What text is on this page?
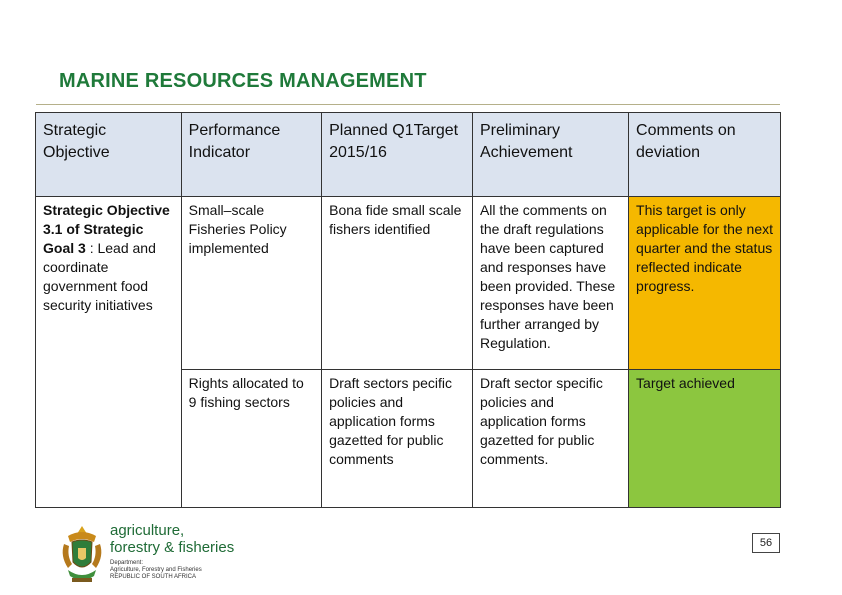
MARINE RESOURCES MANAGEMENT
Strategic Objective	Performance Indicator	Planned Q1Target 2015/16	Preliminary Achievement	Comments on deviation
Strategic Objective 3.1 of Strategic Goal 3 : Lead and coordinate government food security initiatives	Small–scale Fisheries Policy implemented	Bona fide small scale fishers identified	All the comments on the draft regulations have been captured and responses have been provided. These responses have been further arranged by Regulation.	This target is only applicable for the next quarter and the status reflected indicate progress.
	Rights allocated to 9 fishing sectors	Draft sectors pecific policies and application forms gazetted for public comments	Draft sector specific policies and application forms gazetted for public comments.	Target achieved
agriculture,
forestry & fisheries
Department:
Agriculture, Forestry and Fisheries
REPUBLIC OF SOUTH AFRICA
56
